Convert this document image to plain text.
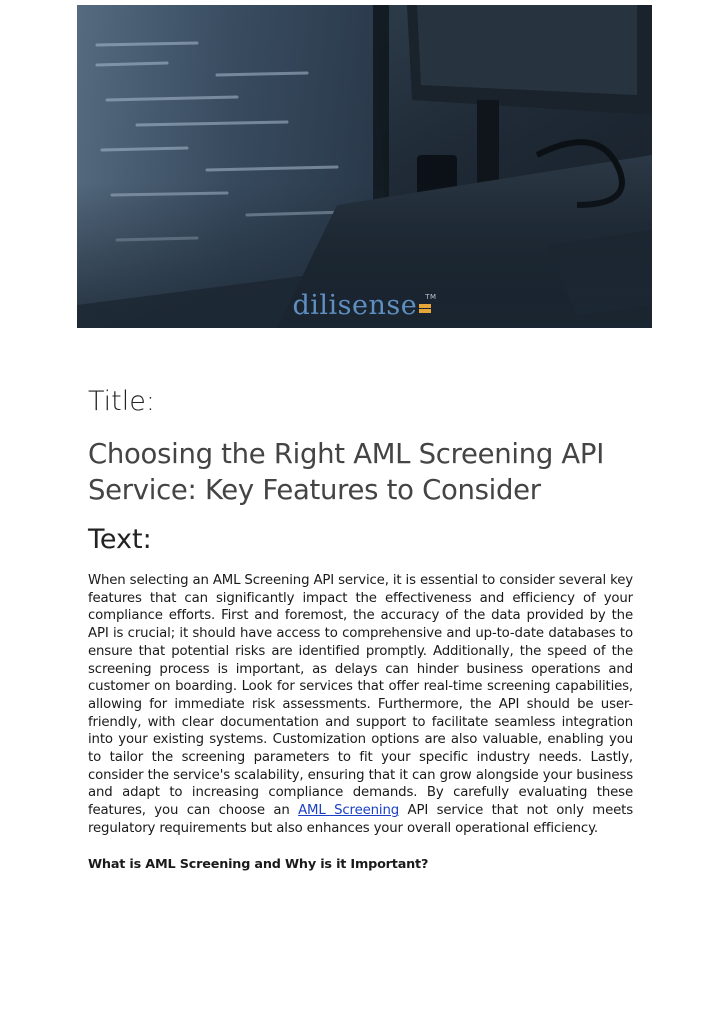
dilisense ™

Title:

Choosing the Right AML Screening API Service: Key Features to Consider

Text:

When selecting an AML Screening API service, it is essential to consider several key features that can significantly impact the effectiveness and efficiency of your compliance efforts. First and foremost, the accuracy of the data provided by the API is crucial; it should have access to comprehensive and up-to-date databases to ensure that potential risks are identified promptly. Additionally, the speed of the screening process is important, as delays can hinder business operations and customer on boarding. Look for services that offer real-time screening capabilities, allowing for immediate risk assessments. Furthermore, the API should be user-friendly, with clear documentation and support to facilitate seamless integration into your existing systems. Customization options are also valuable, enabling you to tailor the screening parameters to fit your specific industry needs. Lastly, consider the service's scalability, ensuring that it can grow alongside your business and adapt to increasing compliance demands. By carefully evaluating these features, you can choose an AML Screening API service that not only meets regulatory requirements but also enhances your overall operational efficiency.

What is AML Screening and Why is it Important?
